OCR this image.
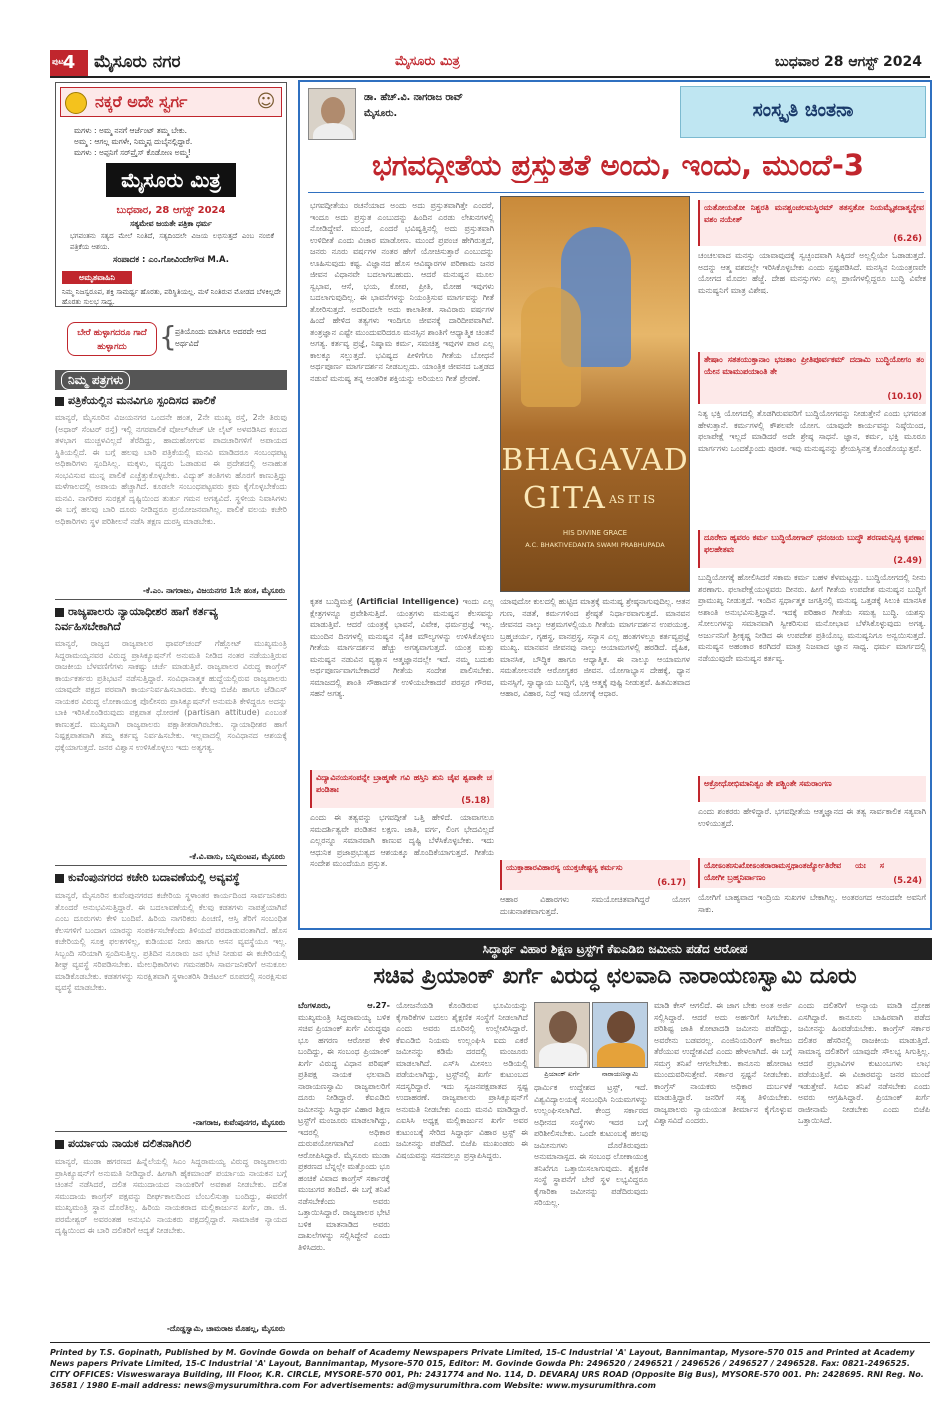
ಪುಟ
4	ಮೈಸೂರು ನಗರ	ಮೈಸೂರು ಮಿತ್ರ	ಬುಧವಾರ 28 ಆಗಸ್ಟ್ 2024
ನಕ್ಕರೆ ಅದೇ ಸ್ವರ್ಗ	☺
ಮಗಳು : ಅಮ್ಮ ನನಗೆ ಆರ್ಜೆಂಟ್ ತಮ್ಮ ಬೇಕು.
ಅಮ್ಮ : ಆಗಲ್ಲ ಮಗಳೇ, ನಿಮ್ಮಪ್ಪ ದುಬೈನಲ್ಲಿದ್ದಾರೆ.
ಮಗಳು : ಅಪ್ಪನಿಗೆ ಸರ್‌ಪ್ರೈಸ್ ಕೊಡೋಣ ಅಮ್ಮ!
ಮೈಸೂರು ಮಿತ್ರ
ಬುಧವಾರ, 28 ಆಗಸ್ಟ್ 2024
ಸತ್ಯಮೇವ ಜಯತೇ ಪತ್ರಿಕಾ ಧರ್ಮ
ಭಗವಂತನು ಸತ್ಯದ ಮೇಲೆ ನಿಂತಿದೆ, ಸತ್ಯದಿಂದಲೇ ವಿಜಯ ಲಭಿಸುತ್ತದೆ ಎಂಬ ನಂಬಿಕೆ ಪತ್ರಿಕೆಯ ಆಶಯ.
ಸಂಪಾದಕ : ಎಂ.ಗೋವಿಂದೇಗೌಡ M.A.
ಅಮೃತವಾಹಿನಿ
ನಿಮ್ಮ ನಿಜಸ್ವರೂಪ, ಶಕ್ತಿ ಸಾಮರ್ಥ್ಯ ಹೊರತು, ಪರಿಸ್ಥಿತಿಯಲ್ಲ. ಮಳೆ ನಿಂತಿರುವ ಮೋಡದ ಬೆಳಕಿಲ್ಲದೇ ಹೊರತು ಸುಲಭ ಸಾಧ್ಯ.
ಬೇರೆ ಹುಳ್ಳಾಗದರೂ ಗಾದೆ ಹುಳ್ಳಾಗದು	{
ಪ್ರತಿಯೊಂದು ಮಾತಿಗೂ ಅದರದೇ ಆದ ಅರ್ಥವಿದೆ
ನಿಮ್ಮ ಪತ್ರಗಳು
ಪತ್ರಿಕೆಯಲ್ಲಿನ ಮನವಿಗೂ ಸ್ಪಂದಿಸದ ಪಾಲಿಕೆ
ಮಾನ್ಯರೆ, ಮೈಸೂರಿನ ವಿಜಯನಗರ ಒಂದನೇ ಹಂತ, 2ನೇ ಮುಖ್ಯ ರಸ್ತೆ, 2ನೇ ತಿರುವು (ಅಧಾರ್ ಸೆಂಟರ್ ರಸ್ತೆ) ಇಲ್ಲಿ ನಗರಪಾಲಿಕೆ ವೋಲ್‌ಟೇಜ್ ಟೀ ಲೈಟ್ ಅಳವಡಿಸಿದ ಕಂಬದ ತಳಭಾಗ ಮುಚ್ಚಳವಿಲ್ಲದೆ ತೆರೆದಿದ್ದು, ಹಾದುಹೋಗುವ ಪಾದಚಾರಿಗಳಿಗೆ ಅಪಾಯದ ಸ್ಥಿತಿಯಲ್ಲಿದೆ. ಈ ಬಗ್ಗೆ ಹಲವು ಬಾರಿ ಪತ್ರಿಕೆಯಲ್ಲಿ ಮನವಿ ಮಾಡಿದರೂ ಸಂಬಂಧಪಟ್ಟ ಅಧಿಕಾರಿಗಳು ಸ್ಪಂದಿಸಿಲ್ಲ. ಮಕ್ಕಳು, ವೃದ್ಧರು ಓಡಾಡುವ ಈ ಪ್ರದೇಶದಲ್ಲಿ ಅನಾಹುತ ಸಂಭವಿಸುವ ಮುನ್ನ ಪಾಲಿಕೆ ಎಚ್ಚೆತ್ತುಕೊಳ್ಳಬೇಕು. ವಿದ್ಯುತ್ ತಂತಿಗಳು ಹೊರಗೆ ಕಾಣುತ್ತಿದ್ದು ಮಳೆಗಾಲದಲ್ಲಿ ಅಪಾಯ ಹೆಚ್ಚಾಗಿದೆ. ಕೂಡಲೇ ಸಂಬಂಧಪಟ್ಟವರು ಕ್ರಮ ಕೈಗೊಳ್ಳಬೇಕೆಂದು ಮನವಿ. ನಾಗರಿಕರ ಸುರಕ್ಷತೆ ದೃಷ್ಟಿಯಿಂದ ತುರ್ತು ಗಮನ ಅಗತ್ಯವಿದೆ. ಸ್ಥಳೀಯ ನಿವಾಸಿಗಳು ಈ ಬಗ್ಗೆ ಹಲವು ಬಾರಿ ದೂರು ನೀಡಿದ್ದರೂ ಪ್ರಯೋಜನವಾಗಿಲ್ಲ. ಪಾಲಿಕೆ ವಲಯ ಕಚೇರಿ ಅಧಿಕಾರಿಗಳು ಸ್ಥಳ ಪರಿಶೀಲನೆ ನಡೆಸಿ ತಕ್ಷಣ ದುರಸ್ತಿ ಮಾಡಬೇಕು.
-ಕೆ.ಎಂ. ನಾಗರಾಜು, ವಿಜಯನಗರ 1ನೇ ಹಂತ, ಮೈಸೂರು
ರಾಜ್ಯಪಾಲರು ನ್ಯಾಯಾಧೀಶರ ಹಾಗೆ ಕರ್ತವ್ಯ ನಿರ್ವಹಿಸಬೇಕಾಗಿದೆ
ಮಾನ್ಯರೆ, ರಾಜ್ಯದ ರಾಜ್ಯಪಾಲರ ಥಾವರ್‌ಚಂದ್ ಗೆಹ್ಲೋಟ್ ಮುಖ್ಯಮಂತ್ರಿ ಸಿದ್ದರಾಮಯ್ಯನವರ ವಿರುದ್ಧ ಪ್ರಾಸಿಕ್ಯೂಷನ್‌ಗೆ ಅನುಮತಿ ನೀಡಿದ ನಂತರ ನಡೆಯುತ್ತಿರುವ ರಾಜಕೀಯ ಬೆಳವಣಿಗೆಗಳು ಸಾಕಷ್ಟು ಚರ್ಚೆ ಮಾಡುತ್ತಿವೆ. ರಾಜ್ಯಪಾಲರ ವಿರುದ್ಧ ಕಾಂಗ್ರೆಸ್ ಕಾರ್ಯಕರ್ತರು ಪ್ರತಿಭಟನೆ ನಡೆಸುತ್ತಿದ್ದಾರೆ. ಸಂವಿಧಾನಾತ್ಮಕ ಹುದ್ದೆಯಲ್ಲಿರುವ ರಾಜ್ಯಪಾಲರು ಯಾವುದೇ ಪಕ್ಷದ ಪರವಾಗಿ ಕಾರ್ಯನಿರ್ವಹಿಸಬಾರದು. ಕೆಲವು ಬಿಜೆಪಿ ಹಾಗೂ ಜೆಡಿಎಸ್ ನಾಯಕರ ವಿರುದ್ಧ ಲೋಕಾಯುಕ್ತ ಪೊಲೀಸರು ಪ್ರಾಸಿಕ್ಯೂಷನ್‌ಗೆ ಅನುಮತಿ ಕೇಳಿದ್ದರೂ ಅದನ್ನು ಬಾಕಿ ಇರಿಸಿಕೊಂಡಿರುವುದು ಪಕ್ಷಪಾತ ಧೋರಣೆ (partisan attitude) ಎಂಬಂತೆ ಕಾಣುತ್ತದೆ. ಮುಖ್ಯವಾಗಿ ರಾಜ್ಯಪಾಲರು ಪಕ್ಷಾತೀತರಾಗಿರಬೇಕು. ನ್ಯಾಯಾಧೀಶರ ಹಾಗೆ ನಿಷ್ಪಕ್ಷಪಾತವಾಗಿ ತಮ್ಮ ಕರ್ತವ್ಯ ನಿರ್ವಹಿಸಬೇಕು. ಇಲ್ಲವಾದಲ್ಲಿ ಸಂವಿಧಾನದ ಆಶಯಕ್ಕೆ ಧಕ್ಕೆಯಾಗುತ್ತದೆ. ಜನರ ವಿಶ್ವಾಸ ಉಳಿಸಿಕೊಳ್ಳಲು ಇದು ಅತ್ಯಗತ್ಯ.
-ಕೆ.ವಿ.ವಾಸು, ಬನ್ನಿಮಂಟಪ, ಮೈಸೂರು
ಕುವೆಂಪುನಗರದ ಕಚೇರಿ ಬದಾವಣೆಯಲ್ಲಿ ಅವ್ಯವಸ್ಥೆ
ಮಾನ್ಯರೆ, ಮೈಸೂರಿನ ಕುವೆಂಪುನಗರದ ಕಚೇರಿಯ ಸ್ಥಳಾಂತರ ಕಾರ್ಯದಿಂದ ಸಾರ್ವಜನಿಕರು ತೊಂದರೆ ಅನುಭವಿಸುತ್ತಿದ್ದಾರೆ. ಈ ಬದಲಾವಣೆಯಲ್ಲಿ ಕೆಲವು ಕಡತಗಳು ನಾಪತ್ತೆಯಾಗಿವೆ ಎಂಬ ದೂರುಗಳು ಕೇಳಿ ಬಂದಿವೆ. ಹಿರಿಯ ನಾಗರಿಕರು ಪಿಂಚಣಿ, ಆಸ್ತಿ ತೆರಿಗೆ ಸಂಬಂಧಿತ ಕೆಲಸಗಳಿಗೆ ಬಂದಾಗ ಯಾರನ್ನು ಸಂಪರ್ಕಿಸಬೇಕೆಂದು ತಿಳಿಯದೆ ಪರದಾಡುವಂತಾಗಿದೆ. ಹೊಸ ಕಚೇರಿಯಲ್ಲಿ ಸೂಕ್ತ ಫಲಕಗಳಿಲ್ಲ, ಕುಡಿಯುವ ನೀರು ಹಾಗೂ ಆಸನ ವ್ಯವಸ್ಥೆಯೂ ಇಲ್ಲ. ಸಿಬ್ಬಂದಿ ಸರಿಯಾಗಿ ಸ್ಪಂದಿಸುತ್ತಿಲ್ಲ. ಪ್ರತಿದಿನ ನೂರಾರು ಜನ ಭೇಟಿ ನೀಡುವ ಈ ಕಚೇರಿಯಲ್ಲಿ ಶೀಘ್ರ ವ್ಯವಸ್ಥೆ ಸರಿಪಡಿಸಬೇಕು. ಮೇಲಧಿಕಾರಿಗಳು ಗಮನಹರಿಸಿ ಸಾರ್ವಜನಿಕರಿಗೆ ಅನುಕೂಲ ಮಾಡಿಕೊಡಬೇಕು. ಕಡತಗಳನ್ನು ಸುರಕ್ಷಿತವಾಗಿ ಸ್ಥಳಾಂತರಿಸಿ ಡಿಜಿಟಲ್ ರೂಪದಲ್ಲಿ ಸಂರಕ್ಷಿಸುವ ವ್ಯವಸ್ಥೆ ಮಾಡಬೇಕು.
-ನಾಗರಾಜ, ಕುವೆಂಪುನಗರ, ಮೈಸೂರು
ಪರ್ಯಾಯ ನಾಯಕ ದಲಿತನಾಗಿರಲಿ
ಮಾನ್ಯರೆ, ಮುಡಾ ಹಗರಣದ ಹಿನ್ನೆಲೆಯಲ್ಲಿ ಸಿಎಂ ಸಿದ್ದರಾಮಯ್ಯ ವಿರುದ್ಧ ರಾಜ್ಯಪಾಲರು ಪ್ರಾಸಿಕ್ಯೂಷನ್‌ಗೆ ಅನುಮತಿ ನೀಡಿದ್ದಾರೆ. ಹೀಗಾಗಿ ಹೈಕಮಾಂಡ್ ಪರ್ಯಾಯ ನಾಯಕನ ಬಗ್ಗೆ ಚಿಂತನೆ ನಡೆಸಿದರೆ, ದಲಿತ ಸಮುದಾಯದ ನಾಯಕರಿಗೆ ಅವಕಾಶ ನೀಡಬೇಕು. ದಲಿತ ಸಮುದಾಯ ಕಾಂಗ್ರೆಸ್ ಪಕ್ಷವನ್ನು ದೀರ್ಘಕಾಲದಿಂದ ಬೆಂಬಲಿಸುತ್ತಾ ಬಂದಿದ್ದು, ಈವರೆಗೆ ಮುಖ್ಯಮಂತ್ರಿ ಸ್ಥಾನ ದೊರೆತಿಲ್ಲ. ಹಿರಿಯ ನಾಯಕರಾದ ಮಲ್ಲಿಕಾರ್ಜುನ ಖರ್ಗೆ, ಡಾ. ಜಿ. ಪರಮೇಶ್ವರ್ ಅವರಂತಹ ಅನುಭವಿ ನಾಯಕರು ಪಕ್ಷದಲ್ಲಿದ್ದಾರೆ. ಸಾಮಾಜಿಕ ನ್ಯಾಯದ ದೃಷ್ಟಿಯಿಂದ ಈ ಬಾರಿ ದಲಿತರಿಗೆ ಆದ್ಯತೆ ನೀಡಬೇಕು.
-ದೊಡ್ಡಸ್ವಾಮಿ, ಚಾಮರಾಜ ಮೊಹಲ್ಲ, ಮೈಸೂರು
ಡಾ. ಹೆಚ್.ವಿ. ನಾಗರಾಜ ರಾವ್
ಮೈಸೂರು.	ಸಂಸ್ಕೃತಿ ಚಿಂತನಾ
ಭಗವದ್ಗೀತೆಯ ಪ್ರಸ್ತುತತೆ ಅಂದು, ಇಂದು, ಮುಂದೆ-3
ಭಗವದ್ಗೀತೆಯು ರಚನೆಯಾದ ಅಂದು ಅದು ಪ್ರಸ್ತುತವಾಗಿತ್ತೇ ಎಂದರೆ, ಇಂದೂ ಅದು ಪ್ರಸ್ತುತ ಎಂಬುದನ್ನು ಹಿಂದಿನ ಎರಡು ಲೇಖನಗಳಲ್ಲಿ ನೋಡಿದ್ದೇವೆ. ಮುಂದೆ, ಎಂದರೆ ಭವಿಷ್ಯತ್ತಿನಲ್ಲಿ ಅದು ಪ್ರಸ್ತುತವಾಗಿ ಉಳಿದೀತೆ ಎಂದು ವಿಚಾರ ಮಾಡೋಣ. ಮುಂದೆ ಪ್ರಪಂಚ ಹೇಗಿರುತ್ತದೆ, ಜನರು ನೂರು ವರ್ಷಗಳ ನಂತರ ಹೇಗೆ ಯೋಚಿಸುತ್ತಾರೆ ಎಂಬುದನ್ನು ಊಹಿಸುವುದು ಕಷ್ಟ. ವಿಜ್ಞಾನದ ಹೊಸ ಆವಿಷ್ಕಾರಗಳ ಪರಿಣಾಮ ಜನರ ಜೀವನ ವಿಧಾನವೇ ಬದಲಾಗಬಹುದು. ಆದರೆ ಮನುಷ್ಯನ ಮೂಲ ಸ್ವಭಾವ, ಆಸೆ, ಭಯ, ಕೋಪ, ಪ್ರೀತಿ, ಮೋಹ ಇವುಗಳು ಬದಲಾಗುವುದಿಲ್ಲ. ಈ ಭಾವನೆಗಳನ್ನು ನಿಯಂತ್ರಿಸುವ ಮಾರ್ಗವನ್ನು ಗೀತೆ ತೋರಿಸುತ್ತದೆ. ಅದರಿಂದಲೇ ಅದು ಕಾಲಾತೀತ. ಸಾವಿರಾರು ವರ್ಷಗಳ ಹಿಂದೆ ಹೇಳಿದ ತತ್ವಗಳು ಇಂದಿಗೂ ಜೀವನಕ್ಕೆ ದಾರಿದೀಪವಾಗಿವೆ. ತಂತ್ರಜ್ಞಾನ ಎಷ್ಟೇ ಮುಂದುವರಿದರೂ ಮನಸ್ಸಿನ ಶಾಂತಿಗೆ ಆಧ್ಯಾತ್ಮಿಕ ಚಿಂತನೆ ಅಗತ್ಯ. ಕರ್ತವ್ಯ ಪ್ರಜ್ಞೆ, ನಿಷ್ಕಾಮ ಕರ್ಮ, ಸಮಚಿತ್ತ ಇವುಗಳ ಪಾಠ ಎಲ್ಲ ಕಾಲಕ್ಕೂ ಸಲ್ಲುತ್ತದೆ. ಭವಿಷ್ಯದ ಪೀಳಿಗೆಗೂ ಗೀತೆಯ ಬೋಧನೆ ಅರ್ಥಪೂರ್ಣ ಮಾರ್ಗದರ್ಶನ ನೀಡಬಲ್ಲದು. ಯಾಂತ್ರಿಕ ಜೀವನದ ಒತ್ತಡದ ನಡುವೆ ಮನುಷ್ಯ ತನ್ನ ಆಂತರಿಕ ಶಕ್ತಿಯನ್ನು ಅರಿಯಲು ಗೀತೆ ಪ್ರೇರಣೆ.
BHAGAVAD
GITA AS IT IS
HIS DIVINE GRACE
A.C. BHAKTIVEDANTA SWAMI PRABHUPADA
ಯತೋಯತೋ ನಿಶ್ಚರತಿ ಮನಶ್ಚಂಚಲಮಸ್ಥಿರಮ್ ತತಸ್ತತೋ ನಿಯಮ್ಯೈತದಾತ್ಮನ್ಯೇವ ವಶಂ ನಯೇತ್
(6.26)
ಚಂಚಲವಾದ ಮನಸ್ಸು ಯಾವಾವುದಕ್ಕೆ ಸ್ವಚ್ಛಂದವಾಗಿ ಸಿಕ್ಕಿದರೆ ಅಲ್ಲಲ್ಲಿಯೇ ಓಡಾಡುತ್ತದೆ. ಅದನ್ನು ಆತ್ಮ ವಶದಲ್ಲೇ ಇರಿಸಿಕೊಳ್ಳಬೇಕು ಎಂದು ಸ್ಪಷ್ಟಪಡಿಸಿದೆ. ಮನಸ್ಸಿನ ನಿಯಂತ್ರಣವೇ ಯೋಗದ ಮೊದಲ ಹೆಜ್ಜೆ. ದೇಹ ಮನಸ್ಸುಗಳು ಎಲ್ಲ ಪ್ರಾಣಿಗಳಲ್ಲಿದ್ದರೂ ಬುದ್ಧಿ ವಿವೇಕ ಮನುಷ್ಯನಿಗೆ ಮಾತ್ರ ವಿಶೇಷ.
ತೇಷಾಂ ಸತತಯುಕ್ತಾನಾಂ ಭಜತಾಂ ಪ್ರೀತಿಪೂರ್ವಕಮ್ ದದಾಮಿ ಬುದ್ಧಿಯೋಗಂ ತಂ ಯೇನ ಮಾಮುಪಯಾಂತಿ ತೇ
(10.10)
ನಿತ್ಯ ಭಕ್ತಿ ಯೋಗದಲ್ಲಿ ತೊಡಗಿರುವವರಿಗೆ ಬುದ್ಧಿಯೋಗವನ್ನು ನೀಡುತ್ತೇನೆ ಎಂದು ಭಗವಂತ ಹೇಳುತ್ತಾನೆ. ಕರ್ಮಗಳಲ್ಲಿ ಕೌಶಲವೇ ಯೋಗ. ಯಾವುದೇ ಕಾರ್ಯವನ್ನು ನಿಷ್ಠೆಯಿಂದ, ಫಲಾಪೇಕ್ಷೆ ಇಲ್ಲದೆ ಮಾಡಿದರೆ ಅದೇ ಶ್ರೇಷ್ಠ ಸಾಧನೆ. ಜ್ಞಾನ, ಕರ್ಮ, ಭಕ್ತಿ ಮೂರೂ ಮಾರ್ಗಗಳು ಒಂದಕ್ಕೊಂದು ಪೂರಕ. ಇವು ಮನುಷ್ಯನನ್ನು ಶ್ರೇಯಸ್ಸಿನತ್ತ ಕೊಂಡೊಯ್ಯುತ್ತವೆ.
ದೂರೇಣ ಹ್ಯವರಂ ಕರ್ಮ ಬುದ್ಧಿಯೋಗಾದ್ ಧನಂಜಯ ಬುದ್ಧೌ ಶರಣಮನ್ವಿಚ್ಛ ಕೃಪಣಾಃ ಫಲಹೇತವಃ
(2.49)
ಬುದ್ಧಿಯೋಗಕ್ಕೆ ಹೋಲಿಸಿದರೆ ಸಕಾಮ ಕರ್ಮ ಬಹಳ ಕೆಳಮಟ್ಟದ್ದು. ಬುದ್ಧಿಯೋಗದಲ್ಲಿ ನೀನು ಶರಣಾಗು. ಫಲಾಪೇಕ್ಷೆಯುಳ್ಳವರು ದೀನರು. ಹೀಗೆ ಗೀತೆಯ ಉಪದೇಶ ಮನುಷ್ಯನ ಬುದ್ಧಿಗೆ ಪ್ರಾಮುಖ್ಯ ನೀಡುತ್ತದೆ. ಇಂದಿನ ಸ್ಪರ್ಧಾತ್ಮಕ ಜಗತ್ತಿನಲ್ಲಿ ಮನುಷ್ಯ ಒತ್ತಡಕ್ಕೆ ಸಿಲುಕಿ ಮಾನಸಿಕ ಅಶಾಂತಿ ಅನುಭವಿಸುತ್ತಿದ್ದಾನೆ. ಇದಕ್ಕೆ ಪರಿಹಾರ ಗೀತೆಯ ಸಮತ್ವ ಬುದ್ಧಿ. ಯಶಸ್ಸು ಸೋಲುಗಳನ್ನು ಸಮಾನವಾಗಿ ಸ್ವೀಕರಿಸುವ ಮನೋಭಾವ ಬೆಳೆಸಿಕೊಳ್ಳುವುದು ಅಗತ್ಯ. ಅರ್ಜುನನಿಗೆ ಶ್ರೀಕೃಷ್ಣ ನೀಡಿದ ಈ ಉಪದೇಶ ಪ್ರತಿಯೊಬ್ಬ ಮನುಷ್ಯನಿಗೂ ಅನ್ವಯಿಸುತ್ತದೆ. ಮನುಷ್ಯನ ಅಹಂಕಾರ ಕರಗಿದರೆ ಮಾತ್ರ ನಿಜವಾದ ಜ್ಞಾನ ಸಾಧ್ಯ. ಧರ್ಮ ಮಾರ್ಗದಲ್ಲಿ ನಡೆಯುವುದೇ ಮನುಷ್ಯನ ಕರ್ತವ್ಯ.
ಅಕ್ರೋಧೋಭಿಮಾನಿತ್ವಂ ತೇ ಪಶ್ಚಿಂತೇ ಸಮರಾಂಗಣ
ಎಂದು ಶಂಕರರು ಹೇಳಿದ್ದಾರೆ. ಭಗವದ್ಗೀತೆಯ ಆತ್ಮಜ್ಞಾನದ ಈ ತತ್ವ ಸಾರ್ವಕಾಲಿಕ ಸತ್ಯವಾಗಿ ಉಳಿಯುತ್ತದೆ.
ಯೋಽಂತಃಸುಖೋಽಂತರಾರಾಮಸ್ತಥಾಂತರ್ಜ್ಯೋತಿರೇವ ಯಃ ಸ ಯೋಗೀ ಬ್ರಹ್ಮನಿರ್ವಾಣಂ	(5.24)
ಯೋಗಿಗೆ ಬಾಹ್ಯವಾದ ಇಂದ್ರಿಯ ಸುಖಗಳ ಬೇಕಾಗಿಲ್ಲ. ಅಂತರಂಗದ ಆನಂದವೇ ಅವನಿಗೆ ಸಾಕು.
ಕೃತಕ ಬುದ್ಧಿಮತ್ತೆ (Artificial Intelligence) ಇಂದು ಎಲ್ಲ ಕ್ಷೇತ್ರಗಳನ್ನೂ ಪ್ರವೇಶಿಸುತ್ತಿದೆ. ಯಂತ್ರಗಳು ಮನುಷ್ಯನ ಕೆಲಸವನ್ನು ಮಾಡುತ್ತಿವೆ. ಆದರೆ ಯಂತ್ರಕ್ಕೆ ಭಾವನೆ, ವಿವೇಕ, ಧರ್ಮಪ್ರಜ್ಞೆ ಇಲ್ಲ. ಮುಂದಿನ ದಿನಗಳಲ್ಲಿ ಮನುಷ್ಯನ ನೈತಿಕ ಮೌಲ್ಯಗಳನ್ನು ಉಳಿಸಿಕೊಳ್ಳಲು ಗೀತೆಯ ಮಾರ್ಗದರ್ಶನ ಹೆಚ್ಚು ಅಗತ್ಯವಾಗುತ್ತದೆ. ಯಂತ್ರ ಮತ್ತು ಮನುಷ್ಯನ ನಡುವಿನ ವ್ಯತ್ಯಾಸ ಆತ್ಮಜ್ಞಾನದಲ್ಲೇ ಇದೆ. ನಮ್ಮ ಬದುಕು ಅರ್ಥಪೂರ್ಣವಾಗಬೇಕಾದರೆ ಗೀತೆಯ ಸಂದೇಶ ಪಾಲಿಸಬೇಕು. ಸಮಾಜದಲ್ಲಿ ಶಾಂತಿ ಸೌಹಾರ್ದತೆ ಉಳಿಯಬೇಕಾದರೆ ಪರಸ್ಪರ ಗೌರವ, ಸಹನೆ ಅಗತ್ಯ.
ವಿದ್ಯಾವಿನಯಸಂಪನ್ನೇ ಬ್ರಾಹ್ಮಣೇ ಗವಿ ಹಸ್ತಿನಿ ಶುನಿ ಚೈವ ಶ್ವಪಾಕೇ ಚ ಪಂಡಿತಾಃ
(5.18)
ಎಂದು ಈ ತತ್ವವನ್ನು ಭಗವದ್ಗೀತೆ ಒತ್ತಿ ಹೇಳಿದೆ. ಯಾವಾಗಲೂ ಸಮದರ್ಶಿತ್ವವೇ ಪಂಡಿತನ ಲಕ್ಷಣ. ಜಾತಿ, ವರ್ಗ, ಲಿಂಗ ಭೇದವಿಲ್ಲದೆ ಎಲ್ಲರನ್ನೂ ಸಮಾನವಾಗಿ ಕಾಣುವ ದೃಷ್ಟಿ ಬೆಳೆಸಿಕೊಳ್ಳಬೇಕು. ಇದು ಆಧುನಿಕ ಪ್ರಜಾಪ್ರಭುತ್ವದ ಆಶಯಕ್ಕೂ ಹೊಂದಿಕೆಯಾಗುತ್ತದೆ. ಗೀತೆಯ ಸಂದೇಶ ಮುಂದೆಯೂ ಪ್ರಸ್ತುತ.
ಯಾವುದೋ ಕುಲದಲ್ಲಿ ಹುಟ್ಟಿದ ಮಾತ್ರಕ್ಕೆ ಮನುಷ್ಯ ಶ್ರೇಷ್ಠನಾಗುವುದಿಲ್ಲ. ಆತನ ಗುಣ, ನಡತೆ, ಕರ್ಮಗಳಿಂದ ಶ್ರೇಷ್ಠತೆ ನಿರ್ಧಾರವಾಗುತ್ತದೆ. ಮಾನವನ ಜೀವನದ ನಾಲ್ಕು ಆಶ್ರಮಗಳಲ್ಲಿಯೂ ಗೀತೆಯ ಮಾರ್ಗದರ್ಶನ ಉಪಯುಕ್ತ. ಬ್ರಹ್ಮಚರ್ಯ, ಗೃಹಸ್ಥ, ವಾನಪ್ರಸ್ಥ, ಸನ್ಯಾಸ ಎಲ್ಲ ಹಂತಗಳಲ್ಲೂ ಕರ್ತವ್ಯಪ್ರಜ್ಞೆ ಮುಖ್ಯ. ಮಾನವನ ಜೀವನವು ನಾಲ್ಕು ಆಯಾಮಗಳಲ್ಲಿ ಹರಡಿದೆ. ದೈಹಿಕ, ಮಾನಸಿಕ, ಬೌದ್ಧಿಕ ಹಾಗೂ ಆಧ್ಯಾತ್ಮಿಕ. ಈ ನಾಲ್ಕೂ ಆಯಾಮಗಳ ಸಮತೋಲನವೇ ಆರೋಗ್ಯಕರ ಜೀವನ. ಯೋಗಾಭ್ಯಾಸ ದೇಹಕ್ಕೆ, ಧ್ಯಾನ ಮನಸ್ಸಿಗೆ, ಸ್ವಾಧ್ಯಾಯ ಬುದ್ಧಿಗೆ, ಭಕ್ತಿ ಆತ್ಮಕ್ಕೆ ಪುಷ್ಟಿ ನೀಡುತ್ತವೆ. ಹಿತಮಿತವಾದ ಆಹಾರ, ವಿಹಾರ, ನಿದ್ರೆ ಇವು ಯೋಗಕ್ಕೆ ಆಧಾರ.
ಯುಕ್ತಾಹಾರವಿಹಾರಸ್ಯ ಯುಕ್ತಚೇಷ್ಟಸ್ಯ ಕರ್ಮಸು
(6.17)
ಆಹಾರ ವಿಹಾರಗಳು ಸಮಯೋಚಿತವಾಗಿದ್ದರೆ ಯೋಗ ದುಃಖನಾಶಕವಾಗುತ್ತದೆ.
ಸಿದ್ಧಾರ್ಥ ವಿಹಾರ ಶಿಕ್ಷಣ ಟ್ರಸ್ಟ್‌ಗೆ ಕೆಐಎಡಿಬಿ ಜಮೀನು ಪಡೆದ ಆರೋಪ
ಸಚಿವ ಪ್ರಿಯಾಂಕ್ ಖರ್ಗೆ ವಿರುದ್ಧ ಛಲವಾದಿ ನಾರಾಯಣಸ್ವಾಮಿ ದೂರು
ಬೆಂಗಳೂರು, ಆ.27- ಮುಖ್ಯಮಂತ್ರಿ ಸಿದ್ದರಾಮಯ್ಯ ಬಳಿಕ ಸಚಿವ ಪ್ರಿಯಾಂಕ್ ಖರ್ಗೆ ವಿರುದ್ಧವೂ ಭೂ ಹಗರಣ ಆರೋಪ ಕೇಳಿ ಬಂದಿದ್ದು, ಈ ಸಂಬಂಧ ಪ್ರಿಯಾಂಕ್ ಖರ್ಗೆ ವಿರುದ್ಧ ವಿಧಾನ ಪರಿಷತ್ ಪ್ರತಿಪಕ್ಷ ನಾಯಕ ಛಲವಾದಿ ನಾರಾಯಣಸ್ವಾಮಿ ರಾಜ್ಯಪಾಲರಿಗೆ ದೂರು ನೀಡಿದ್ದಾರೆ. ಕೆಐಎಡಿಬಿ ಜಮೀನನ್ನು ಸಿದ್ಧಾರ್ಥ ವಿಹಾರ ಶಿಕ್ಷಣ ಟ್ರಸ್ಟ್‌ಗೆ ಮಂಜೂರು ಮಾಡಲಾಗಿದ್ದು, ಇದರಲ್ಲಿ ಅಧಿಕಾರ ದುರುಪಯೋಗವಾಗಿದೆ ಎಂದು ಆರೋಪಿಸಿದ್ದಾರೆ. ಮೈಸೂರು ಮುಡಾ ಪ್ರಕರಣದ ಬೆನ್ನಲ್ಲೇ ಮತ್ತೊಂದು ಭೂ ಹಂಚಿಕೆ ವಿವಾದ ಕಾಂಗ್ರೆಸ್ ಸರ್ಕಾರಕ್ಕೆ ಮುಜುಗರ ತಂದಿದೆ. ಈ ಬಗ್ಗೆ ತನಿಖೆ ನಡೆಸಬೇಕೆಂದು ಅವರು ಒತ್ತಾಯಿಸಿದ್ದಾರೆ. ರಾಜ್ಯಪಾಲರ ಭೇಟಿ ಬಳಿಕ ಮಾತನಾಡಿದ ಅವರು ದಾಖಲೆಗಳನ್ನು ಸಲ್ಲಿಸಿದ್ದೇನೆ ಎಂದು ತಿಳಿಸಿದರು.
ಯೋಜನೆಯಡಿ ಕೊಂಡಿರುವ ಭೂಮಿಯನ್ನು ಕೈಗಾರಿಕೆಗಳ ಬದಲು ಶೈಕ್ಷಣಿಕ ಸಂಸ್ಥೆಗೆ ನೀಡಲಾಗಿದೆ ಎಂದು ಅವರು ದೂರಿನಲ್ಲಿ ಉಲ್ಲೇಖಿಸಿದ್ದಾರೆ. ಕೆಐಎಡಿಬಿ ನಿಯಮ ಉಲ್ಲಂಘಿಸಿ ಐದು ಎಕರೆ ಜಮೀನನ್ನು ಕಡಿಮೆ ದರದಲ್ಲಿ ಮಂಜೂರು ಮಾಡಲಾಗಿದೆ. ಎಸ್‌ಸಿ ಮೀಸಲು ಅಡಿಯಲ್ಲಿ ಪಡೆಯಲಾಗಿದ್ದು, ಟ್ರಸ್ಟ್‌ನಲ್ಲಿ ಖರ್ಗೆ ಕುಟುಂಬದ ಸದಸ್ಯರಿದ್ದಾರೆ. ಇದು ಸ್ವಜನಪಕ್ಷಪಾತದ ಸ್ಪಷ್ಟ ಉದಾಹರಣೆ. ರಾಜ್ಯಪಾಲರು ಪ್ರಾಸಿಕ್ಯೂಷನ್‌ಗೆ ಅನುಮತಿ ನೀಡಬೇಕು ಎಂದು ಮನವಿ ಮಾಡಿದ್ದಾರೆ. ಎಐಸಿಸಿ ಅಧ್ಯಕ್ಷ ಮಲ್ಲಿಕಾರ್ಜುನ ಖರ್ಗೆ ಅವರ ಕುಟುಂಬಕ್ಕೆ ಸೇರಿದ ಸಿದ್ಧಾರ್ಥ ವಿಹಾರ ಟ್ರಸ್ಟ್ ಈ ಜಮೀನನ್ನು ಪಡೆದಿದೆ. ಬಿಜೆಪಿ ಮುಖಂಡರು ಈ ವಿಷಯವನ್ನು ಸದನದಲ್ಲೂ ಪ್ರಸ್ತಾಪಿಸಿದ್ದರು.
ಪ್ರಿಯಾಂಕ್ ಖರ್ಗೆ	ನಾರಾಯಣಸ್ವಾಮಿ
ಧಾರ್ಮಿಕ ಉದ್ದೇಶದ ಟ್ರಸ್ಟ್, ಇದೆ. ವಿಶ್ವವಿದ್ಯಾಲಯಕ್ಕೆ ಸಂಬಂಧಿಸಿ ನಿಯಮಗಳನ್ನು ಉಲ್ಲಂಘಿಸಲಾಗಿದೆ. ಕೇಂದ್ರ ಸರ್ಕಾರದ ಅಧೀನದ ಸಂಸ್ಥೆಗಳು ಇದರ ಬಗ್ಗೆ ಪರಿಶೀಲಿಸಬೇಕು. ಒಂದೇ ಕುಟುಂಬಕ್ಕೆ ಹಲವು ಜಮೀನುಗಳು ದೊರೆತಿರುವುದು ಅನುಮಾನಾಸ್ಪದ. ಈ ಸಂಬಂಧ ಲೋಕಾಯುಕ್ತ ತನಿಖೆಗೂ ಒತ್ತಾಯಿಸಲಾಗುವುದು. ಶೈಕ್ಷಣಿಕ ಸಂಸ್ಥೆ ಸ್ಥಾಪನೆಗೆ ಬೇರೆ ಸ್ಥಳ ಲಭ್ಯವಿದ್ದರೂ ಕೈಗಾರಿಕಾ ಜಮೀನನ್ನು ಪಡೆದಿರುವುದು ಸರಿಯಲ್ಲ.
ಮಾಡಿ ಕೇಸ್ ಆಗಲಿದೆ. ಈ ಜಾಗ ಬೇಕು ಅಂತ ಅರ್ಜಿ ಸಲ್ಲಿಸಿದ್ದಾರೆ. ಆದರೆ ಅದು ಅರ್ಹರಿಗೆ ಸಿಗಬೇಕು. ಪರಿಶಿಷ್ಟ ಜಾತಿ ಕೋಟಾದಡಿ ಜಮೀನು ಪಡೆದಿದ್ದು, ಅವರೇನು ಬಡವರಲ್ಲ. ಎಂಜಿನಿಯರಿಂಗ್ ಕಾಲೇಜು ತೆರೆಯುವ ಉದ್ದೇಶವಿದೆ ಎಂದು ಹೇಳಲಾಗಿದೆ. ಈ ಬಗ್ಗೆ ಸಮಗ್ರ ತನಿಖೆ ಆಗಲೇಬೇಕು. ಕಾನೂನು ಹೋರಾಟ ಮುಂದುವರಿಸುತ್ತೇವೆ. ಸರ್ಕಾರ ಸ್ಪಷ್ಟನೆ ನೀಡಬೇಕು. ಕಾಂಗ್ರೆಸ್ ನಾಯಕರು ಅಧಿಕಾರ ದುರ್ಬಳಕೆ ಮಾಡುತ್ತಿದ್ದಾರೆ. ಜನರಿಗೆ ಸತ್ಯ ತಿಳಿಯಬೇಕು. ರಾಜ್ಯಪಾಲರು ನ್ಯಾಯಯುತ ತೀರ್ಮಾನ ಕೈಗೊಳ್ಳುವ ವಿಶ್ವಾಸವಿದೆ ಎಂದರು.
ಎಂದು ದಲಿತರಿಗೆ ಅನ್ಯಾಯ ಮಾಡಿ ದ್ರೋಹ ಎಸಗಿದ್ದಾರೆ. ಕಾನೂನು ಬಾಹಿರವಾಗಿ ಪಡೆದ ಜಮೀನನ್ನು ಹಿಂಪಡೆಯಬೇಕು. ಕಾಂಗ್ರೆಸ್ ಸರ್ಕಾರ ದಲಿತರ ಹೆಸರಿನಲ್ಲಿ ರಾಜಕೀಯ ಮಾಡುತ್ತಿದೆ. ಸಾಮಾನ್ಯ ದಲಿತರಿಗೆ ಯಾವುದೇ ಸೌಲಭ್ಯ ಸಿಗುತ್ತಿಲ್ಲ. ಆದರೆ ಪ್ರಭಾವಿಗಳ ಕುಟುಂಬಗಳು ಲಾಭ ಪಡೆಯುತ್ತಿವೆ. ಈ ವಿಚಾರವನ್ನು ಜನರ ಮುಂದೆ ಇಡುತ್ತೇವೆ. ಸಿಬಿಐ ತನಿಖೆ ನಡೆಸಬೇಕು ಎಂದು ಅವರು ಆಗ್ರಹಿಸಿದ್ದಾರೆ. ಪ್ರಿಯಾಂಕ್ ಖರ್ಗೆ ರಾಜೀನಾಮೆ ನೀಡಬೇಕು ಎಂದು ಬಿಜೆಪಿ ಒತ್ತಾಯಿಸಿದೆ.
Printed by T.S. Gopinath, Published by M. Govinde Gowda on behalf of Academy Newspapers Private Limited, 15-C Industrial 'A' Layout, Bannimantap, Mysore-570 015 and Printed at Academy News papers Private Limited, 15-C Industrial 'A' Layout, Bannimantap, Mysore-570 015, Editor: M. Govinde Gowda Ph: 2496520 / 2496521 / 2496526 / 2496527 / 2496528. Fax: 0821-2496525. CITY OFFICES: Visweswaraya Building, III Floor, K.R. CIRCLE, MYSORE-570 001, Ph: 2431774 and No. 114, D. DEVARAJ URS ROAD (Opposite Big Bus), MYSORE-570 001. Ph: 2428695. RNI Reg. No. 36581 / 1980 E-mail address: news@mysurumithra.com For advertisements: ad@mysurumithra.com Website: www.mysurumithra.com
